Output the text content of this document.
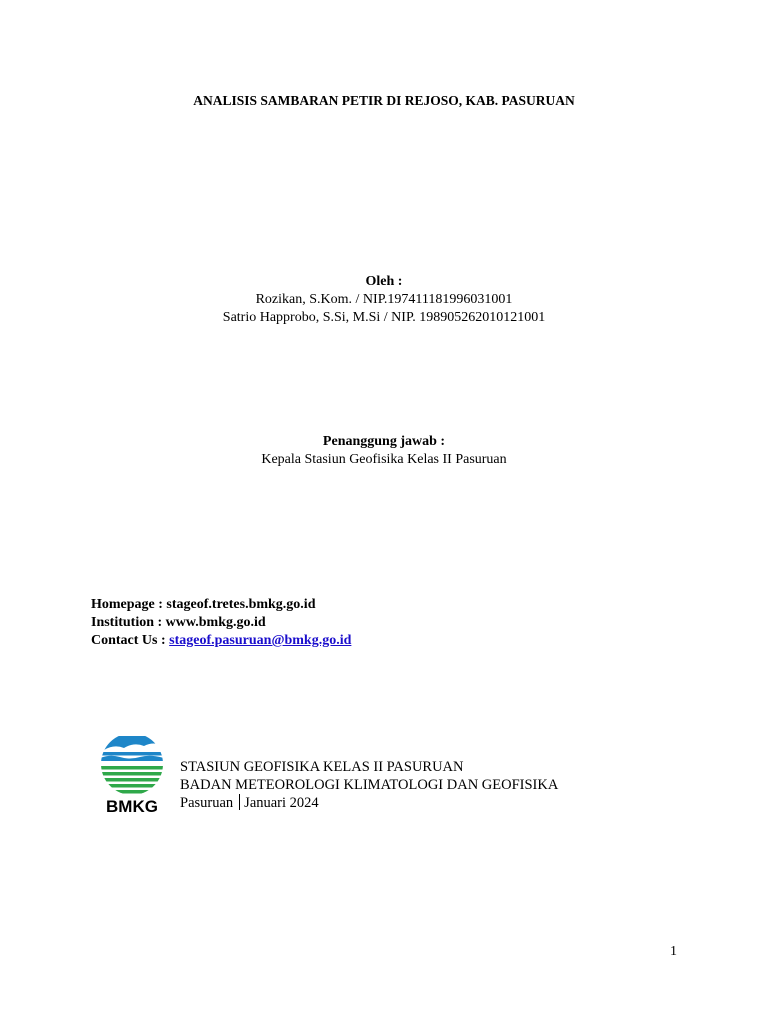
ANALISIS SAMBARAN PETIR DI REJOSO, KAB. PASURUAN
Oleh :
Rozikan, S.Kom. / NIP.197411181996031001
Satrio Happrobo, S.Si, M.Si / NIP. 198905262010121001
Penanggung jawab :
Kepala Stasiun Geofisika Kelas II Pasuruan
Homepage : stageof.tretes.bmkg.go.id
Institution : www.bmkg.go.id
Contact Us : stageof.pasuruan@bmkg.go.id
BMKG
STASIUN GEOFISIKA KELAS II PASURUAN
BADAN METEOROLOGI KLIMATOLOGI DAN GEOFISIKA
Pasuruan Januari 2024
1
